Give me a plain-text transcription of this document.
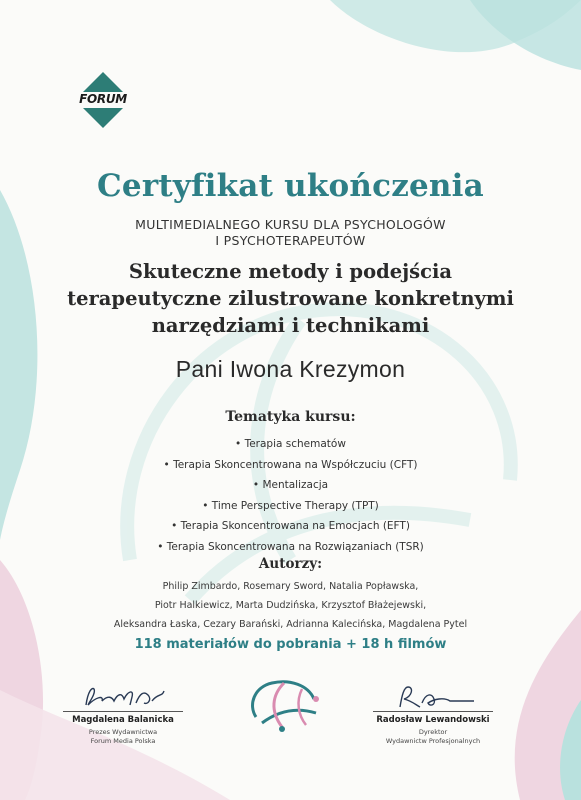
FORUM
Certyfikat ukończenia
MULTIMEDIALNEGO KURSU DLA PSYCHOLOGÓW
I PSYCHOTERAPEUTÓW
Skuteczne metody i podejścia
terapeutyczne zilustrowane konkretnymi
narzędziami i technikami
Pani Iwona Krezymon
Tematyka kursu:
• Terapia schematów
• Terapia Skoncentrowana na Współczuciu (CFT)
• Mentalizacja
• Time Perspective Therapy (TPT)
• Terapia Skoncentrowana na Emocjach (EFT)
• Terapia Skoncentrowana na Rozwiązaniach (TSR)
Autorzy:
Philip Zimbardo, Rosemary Sword, Natalia Popławska,
Piotr Halkiewicz, Marta Dudzińska, Krzysztof Błażejewski,
Aleksandra Łaska, Cezary Barański, Adrianna Kalecińska, Magdalena Pytel
118 materiałów do pobrania + 18 h filmów
Magdalena Balanicka
Prezes Wydawnictwa
Forum Media Polska
Radosław Lewandowski
Dyrektor
Wydawnictw Profesjonalnych
